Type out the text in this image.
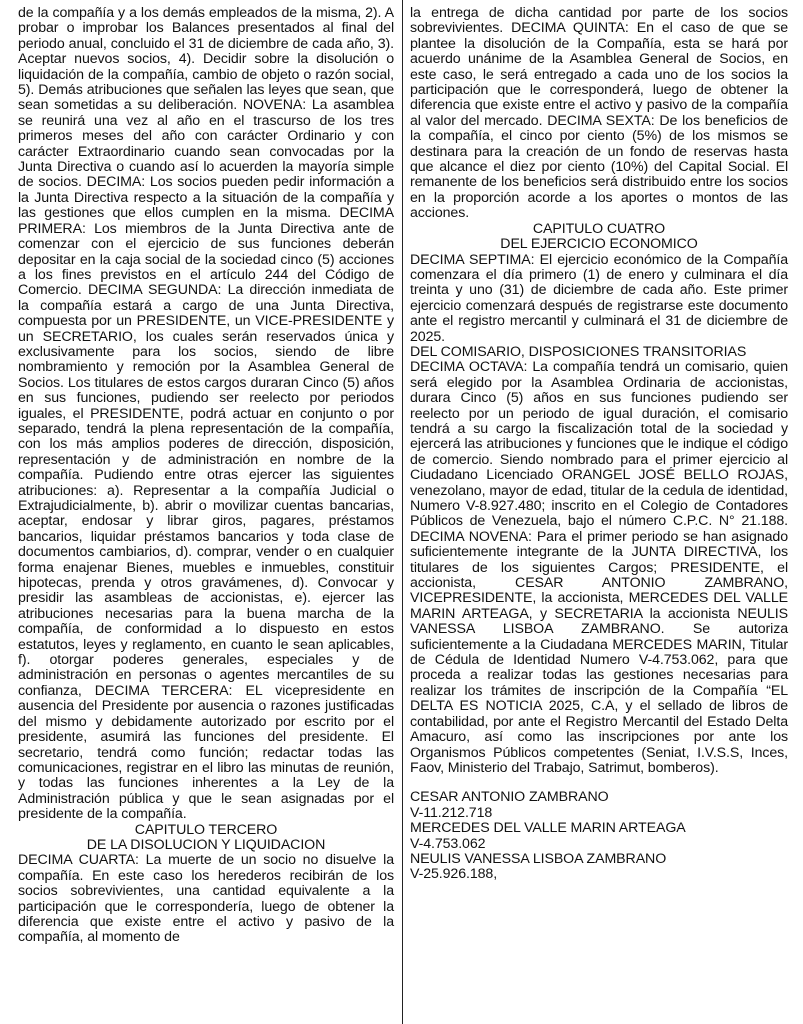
de la compañía y a los demás empleados de la misma, 2). A probar o improbar los Balances presentados al final del periodo anual, concluido el 31 de diciembre de cada año, 3). Aceptar nuevos socios, 4). Decidir sobre la disolución o liquidación de la compañía, cambio de objeto o razón social, 5). Demás atribuciones que señalen las leyes que sean, que sean sometidas a su deliberación. NOVENA: La asamblea se reunirá una vez al año en el trascurso de los tres primeros meses del año con carácter Ordinario y con carácter Extraordinario cuando sean convocadas por la Junta Directiva o cuando así lo acuerden la mayoría simple de socios. DECIMA: Los socios pueden pedir información a la Junta Directiva respecto a la situación de la compañía y las gestiones que ellos cumplen en la misma. DECIMA PRIMERA: Los miembros de la Junta Directiva ante de comenzar con el ejercicio de sus funciones deberán depositar en la caja social de la sociedad cinco (5) acciones a los fines previstos en el artículo 244 del Código de Comercio. DECIMA SEGUNDA: La dirección inmediata de la compañía estará a cargo de una Junta Directiva, compuesta por un PRESIDENTE, un VICE-PRESIDENTE y un SECRETARIO, los cuales serán reservados única y exclusivamente para los socios, siendo de libre nombramiento y remoción por la Asamblea General de Socios. Los titulares de estos cargos duraran Cinco (5) años en sus funciones, pudiendo ser reelecto por periodos iguales, el PRESIDENTE, podrá actuar en conjunto o por separado, tendrá la plena representación de la compañía, con los más amplios poderes de dirección, disposición, representación y de administración en nombre de la compañía. Pudiendo entre otras ejercer las siguientes atribuciones: a). Representar a la compañía Judicial o Extrajudicialmente, b). abrir o movilizar cuentas bancarias, aceptar, endosar y librar giros, pagares, préstamos bancarios, liquidar préstamos bancarios y toda clase de documentos cambiarios, d). comprar, vender o en cualquier forma enajenar Bienes, muebles e inmuebles, constituir hipotecas, prenda y otros gravámenes, d). Convocar y presidir las asambleas de accionistas, e). ejercer las atribuciones necesarias para la buena marcha de la compañía, de conformidad a lo dispuesto en estos estatutos, leyes y reglamento, en cuanto le sean aplicables, f). otorgar poderes generales, especiales y de administración en personas o agentes mercantiles de su confianza, DECIMA TERCERA: EL vicepresidente en ausencia del Presidente por ausencia o razones justificadas del mismo y debidamente autorizado por escrito por el presidente, asumirá las funciones del presidente. El secretario, tendrá como función; redactar todas las comunicaciones, registrar en el libro las minutas de reunión, y todas las funciones inherentes a la Ley de la Administración pública y que le sean asignadas por el presidente de la compañía.

CAPITULO TERCERO

DE LA DISOLUCION Y LIQUIDACION

DECIMA CUARTA: La muerte de un socio no disuelve la compañía. En este caso los herederos recibirán de los socios sobrevivientes, una cantidad equivalente a la participación que le correspondería, luego de obtener la diferencia que existe entre el activo y pasivo de la compañía, al momento de

la entrega de dicha cantidad por parte de los socios sobrevivientes. DECIMA QUINTA: En el caso de que se plantee la disolución de la Compañía, esta se hará por acuerdo unánime de la Asamblea General de Socios, en este caso, le será entregado a cada uno de los socios la participación que le corresponderá, luego de obtener la diferencia que existe entre el activo y pasivo de la compañía al valor del mercado. DECIMA SEXTA: De los beneficios de la compañía, el cinco por ciento (5%) de los mismos se destinara para la creación de un fondo de reservas hasta que alcance el diez por ciento (10%) del Capital Social. El remanente de los beneficios será distribuido entre los socios en la proporción acorde a los aportes o montos de las acciones.

CAPITULO CUATRO

DEL EJERCICIO ECONOMICO

DECIMA SEPTIMA: El ejercicio económico de la Compañía comenzara el día primero (1) de enero y culminara el día treinta y uno (31) de diciembre de cada año. Este primer ejercicio comenzará después de registrarse este documento ante el registro mercantil y culminará el 31 de diciembre de 2025.

DEL COMISARIO, DISPOSICIONES TRANSITORIAS

DECIMA OCTAVA: La compañía tendrá un comisario, quien será elegido por la Asamblea Ordinaria de accionistas, durara Cinco (5) años en sus funciones pudiendo ser reelecto por un periodo de igual duración, el comisario tendrá a su cargo la fiscalización total de la sociedad y ejercerá las atribuciones y funciones que le indique el código de comercio. Siendo nombrado para el primer ejercicio al Ciudadano Licenciado ORANGEL JOSÉ BELLO ROJAS, venezolano, mayor de edad, titular de la cedula de identidad, Numero V-8.927.480; inscrito en el Colegio de Contadores Públicos de Venezuela, bajo el número C.P.C. N° 21.188. DECIMA NOVENA: Para el primer periodo se han asignado suficientemente integrante de la JUNTA DIRECTIVA, los titulares de los siguientes Cargos; PRESIDENTE, el accionista, CESAR ANTONIO ZAMBRANO, VICEPRESIDENTE, la accionista, MERCEDES DEL VALLE MARIN ARTEAGA, y SECRETARIA la accionista NEULIS VANESSA LISBOA ZAMBRANO. Se autoriza suficientemente a la Ciudadana MERCEDES MARIN, Titular de Cédula de Identidad Numero V-4.753.062, para que proceda a realizar todas las gestiones necesarias para realizar los trámites de inscripción de la Compañía “EL DELTA ES NOTICIA 2025, C.A, y el sellado de libros de contabilidad, por ante el Registro Mercantil del Estado Delta Amacuro, así como las inscripciones por ante los Organismos Públicos competentes (Seniat, I.V.S.S, Inces, Faov, Ministerio del Trabajo, Satrimut, bomberos).

CESAR ANTONIO ZAMBRANO

V-11.212.718

MERCEDES DEL VALLE MARIN ARTEAGA

V-4.753.062

NEULIS VANESSA LISBOA ZAMBRANO

V-25.926.188,
